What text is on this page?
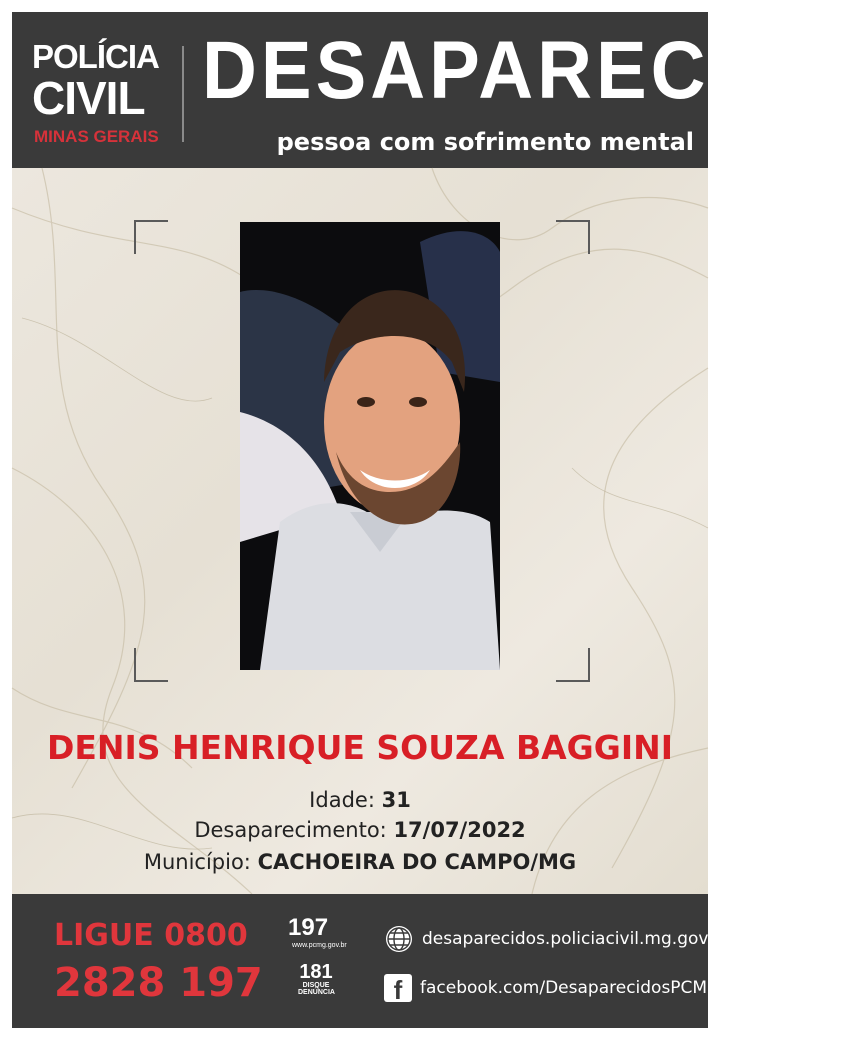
POLÍCIA
CIVIL
MINAS GERAIS
DESAPARECIDO
pessoa com sofrimento mental
DENIS HENRIQUE SOUZA BAGGINI
Idade: 31
Desaparecimento: 17/07/2022
Município: CACHOEIRA DO CAMPO/MG
LIGUE 0800
2828 197
197
www.pcmg.gov.br
181
DISQUE DENÚNCIA
desaparecidos.policiacivil.mg.gov.br
f	facebook.com/DesaparecidosPCMG
